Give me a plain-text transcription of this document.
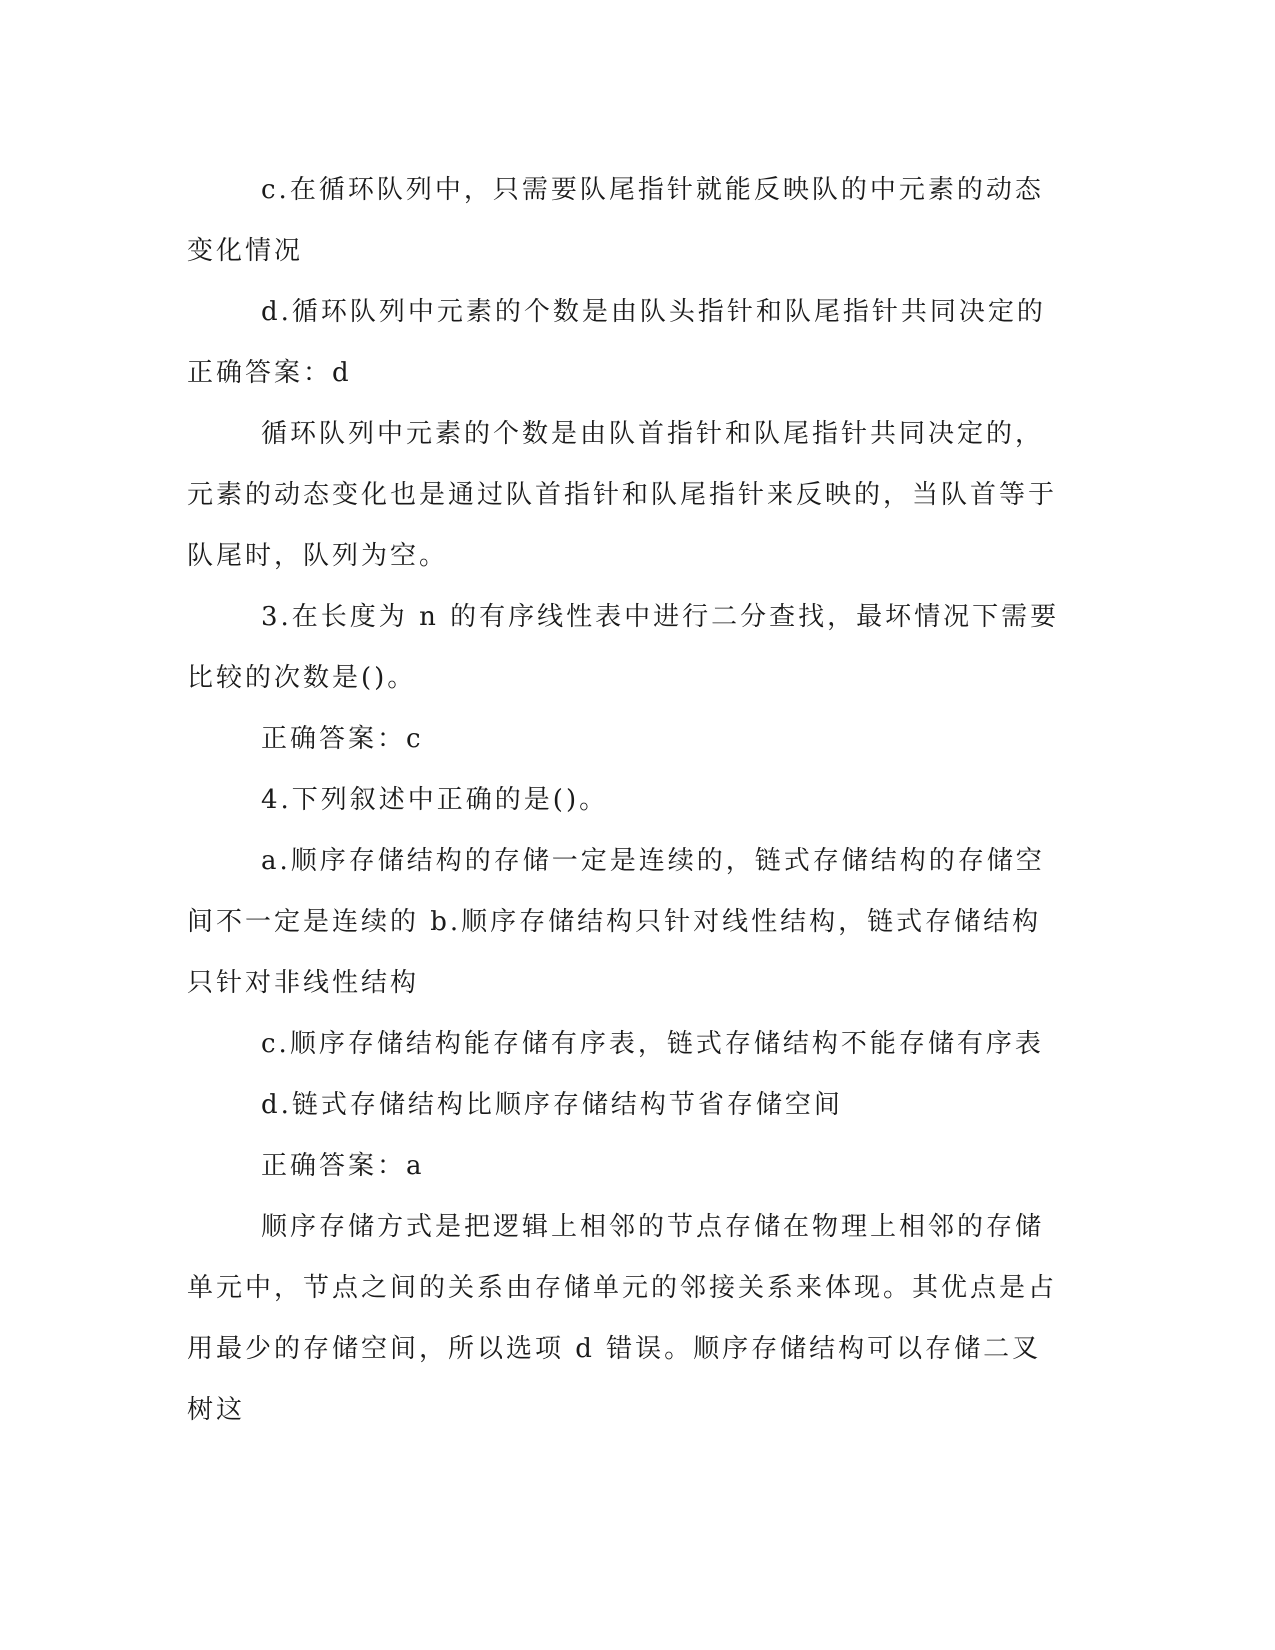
c.在循环队列中，只需要队尾指针就能反映队的中元素的动态变化情况

d.循环队列中元素的个数是由队头指针和队尾指针共同决定的正确答案：d

循环队列中元素的个数是由队首指针和队尾指针共同决定的，元素的动态变化也是通过队首指针和队尾指针来反映的，当队首等于队尾时，队列为空。

3.在长度为 n 的有序线性表中进行二分查找，最坏情况下需要比较的次数是()。

正确答案：c

4.下列叙述中正确的是()。

a.顺序存储结构的存储一定是连续的，链式存储结构的存储空间不一定是连续的 b.顺序存储结构只针对线性结构，链式存储结构只针对非线性结构

c.顺序存储结构能存储有序表，链式存储结构不能存储有序表

d.链式存储结构比顺序存储结构节省存储空间

正确答案：a

顺序存储方式是把逻辑上相邻的节点存储在物理上相邻的存储单元中，节点之间的关系由存储单元的邻接关系来体现。其优点是占用最少的存储空间，所以选项 d 错误。顺序存储结构可以存储二叉树这
